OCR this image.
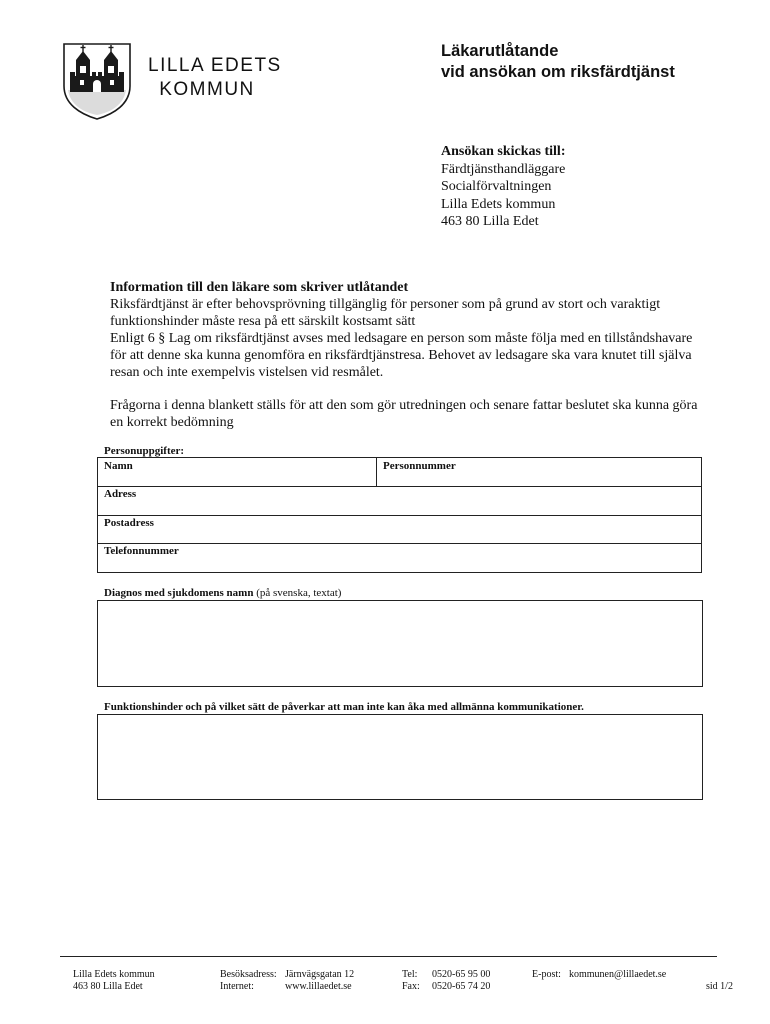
LILLA EDETS
KOMMUN
Läkarutlåtande
vid ansökan om riksfärdtjänst
Ansökan skickas till:
Färdtjänsthandläggare
Socialförvaltningen
Lilla Edets kommun
463 80 Lilla Edet

Information till den läkare som skriver utlåtandet

Riksfärdtjänst är efter behovsprövning tillgänglig för personer som på grund av stort och varaktigt funktionshinder måste resa på ett särskilt kostsamt sätt

Enligt 6 § Lag om riksfärdtjänst avses med ledsagare en person som måste följa med en tillståndshavare för att denne ska kunna genomföra en riksfärdtjänstresa. Behovet av ledsagare ska vara knutet till själva resan och inte exempelvis vistelsen vid resmålet.

Frågorna i denna blankett ställs för att den som gör utredningen och senare fattar beslutet ska kunna göra en korrekt bedömning

Personuppgifter:
Namn	Personnummer
Adress
Postadress
Telefonnummer
Diagnos med sjukdomens namn (på svenska, textat)
Funktionshinder och på vilket sätt de påverkar att man inte kan åka med allmänna kommunikationer.
Lilla Edets kommun
463 80 Lilla Edet
Besöksadress:
Internet:
Järnvägsgatan 12
www.lillaedet.se
Tel:
Fax:
0520-65 95 00
0520-65 74 20
E-post: kommunen@lillaedet.se
sid 1/2
